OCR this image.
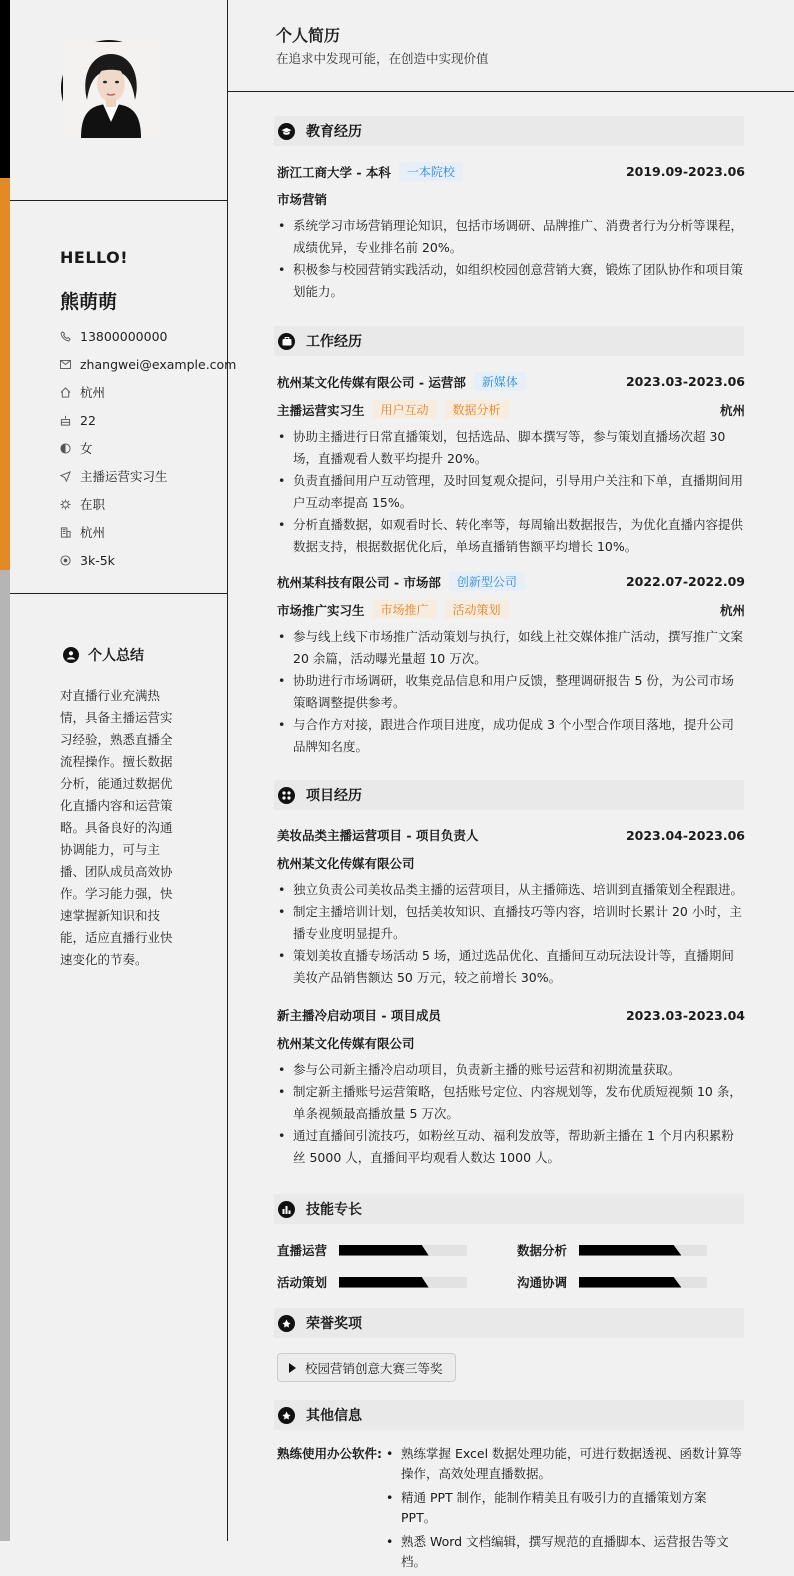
HELLO!
熊萌萌
13800000000
zhangwei@example.com
杭州
22
女
主播运营实习生
在职
杭州
3k-5k
个人总结
对直播行业充满热情，具备主播运营实习经验，熟悉直播全流程操作。擅长数据分析，能通过数据优化直播内容和运营策略。具备良好的沟通协调能力，可与主播、团队成员高效协作。学习能力强，快速掌握新知识和技能，适应直播行业快速变化的节奏。
个人简历
在追求中发现可能，在创造中实现价值
教育经历
浙江工商大学 - 本科	一本院校	2019.09-2023.06
市场营销
• 系统学习市场营销理论知识，包括市场调研、品牌推广、消费者行为分析等课程，成绩优异，专业排名前 20%。
• 积极参与校园营销实践活动，如组织校园创意营销大赛，锻炼了团队协作和项目策划能力。
工作经历
杭州某文化传媒有限公司 - 运营部	新媒体	2023.03-2023.06
主播运营实习生	用户互动	数据分析	杭州
• 协助主播进行日常直播策划，包括选品、脚本撰写等，参与策划直播场次超 30 场，直播观看人数平均提升 20%。
• 负责直播间用户互动管理，及时回复观众提问，引导用户关注和下单，直播期间用户互动率提高 15%。
• 分析直播数据，如观看时长、转化率等，每周输出数据报告，为优化直播内容提供数据支持，根据数据优化后，单场直播销售额平均增长 10%。
杭州某科技有限公司 - 市场部	创新型公司	2022.07-2022.09
市场推广实习生	市场推广	活动策划	杭州
• 参与线上线下市场推广活动策划与执行，如线上社交媒体推广活动，撰写推广文案 20 余篇，活动曝光量超 10 万次。
• 协助进行市场调研，收集竞品信息和用户反馈，整理调研报告 5 份，为公司市场策略调整提供参考。
• 与合作方对接，跟进合作项目进度，成功促成 3 个小型合作项目落地，提升公司品牌知名度。
项目经历
美妆品类主播运营项目 - 项目负责人	2023.04-2023.06
杭州某文化传媒有限公司
• 独立负责公司美妆品类主播的运营项目，从主播筛选、培训到直播策划全程跟进。
• 制定主播培训计划，包括美妆知识、直播技巧等内容，培训时长累计 20 小时，主播专业度明显提升。
• 策划美妆直播专场活动 5 场，通过选品优化、直播间互动玩法设计等，直播期间美妆产品销售额达 50 万元，较之前增长 30%。
新主播冷启动项目 - 项目成员	2023.03-2023.04
杭州某文化传媒有限公司
• 参与公司新主播冷启动项目，负责新主播的账号运营和初期流量获取。
• 制定新主播账号运营策略，包括账号定位、内容规划等，发布优质短视频 10 条，单条视频最高播放量 5 万次。
• 通过直播间引流技巧，如粉丝互动、福利发放等，帮助新主播在 1 个月内积累粉丝 5000 人，直播间平均观看人数达 1000 人。
技能专长
直播运营	数据分析
活动策划	沟通协调
荣誉奖项
校园营销创意大赛三等奖
其他信息
熟练使用办公软件:
•	熟练掌握 Excel 数据处理功能，可进行数据透视、函数计算等操作，高效处理直播数据。
• 精通 PPT 制作，能制作精美且有吸引力的直播策划方案 PPT。
• 熟悉 Word 文档编辑，撰写规范的直播脚本、运营报告等文档。
